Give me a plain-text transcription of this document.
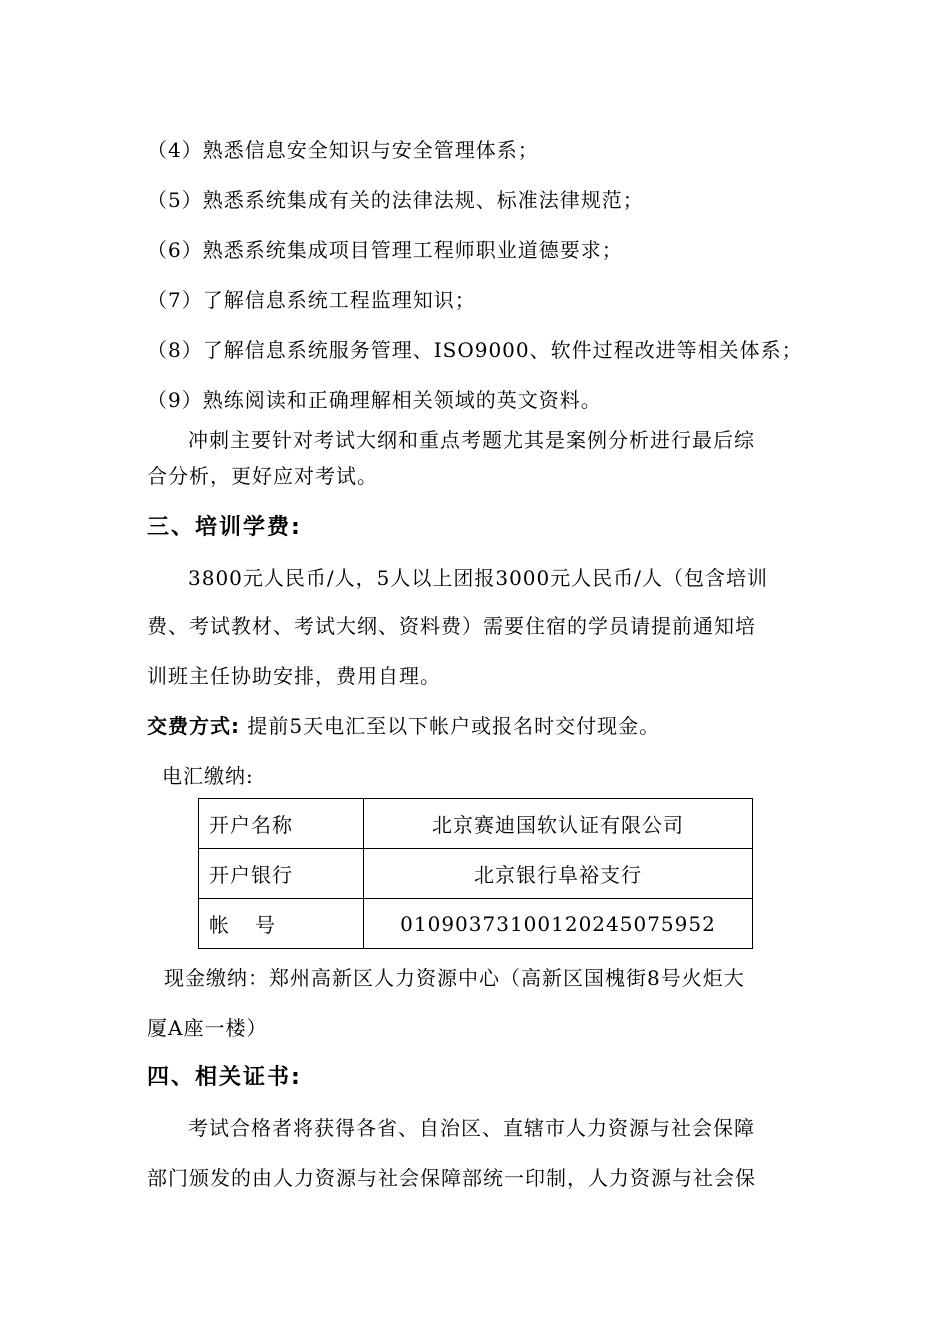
（4）熟悉信息安全知识与安全管理体系；
（5）熟悉系统集成有关的法律法规、标准法律规范；
（6）熟悉系统集成项目管理工程师职业道德要求；
（7）了解信息系统工程监理知识；
（8）了解信息系统服务管理、ISO9000、软件过程改进等相关体系；
（9）熟练阅读和正确理解相关领域的英文资料。
冲刺主要针对考试大纲和重点考题尤其是案例分析进行最后综
合分析，更好应对考试。
三、培训学费:
3800元人民币/人，5人以上团报3000元人民币/人（包含培训
费、考试教材、考试大纲、资料费）需要住宿的学员请提前通知培
训班主任协助安排，费用自理。
交费方式: 提前5天电汇至以下帐户或报名时交付现金。
电汇缴纳:
开户名称	北京赛迪国软认证有限公司
开户银行	北京银行阜裕支行
帐号	01090373100120245075952
现金缴纳：郑州高新区人力资源中心（高新区国槐街8号火炬大
厦A座一楼）
四、相关证书:
考试合格者将获得各省、自治区、直辖市人力资源与社会保障
部门颁发的由人力资源与社会保障部统一印制，人力资源与社会保
